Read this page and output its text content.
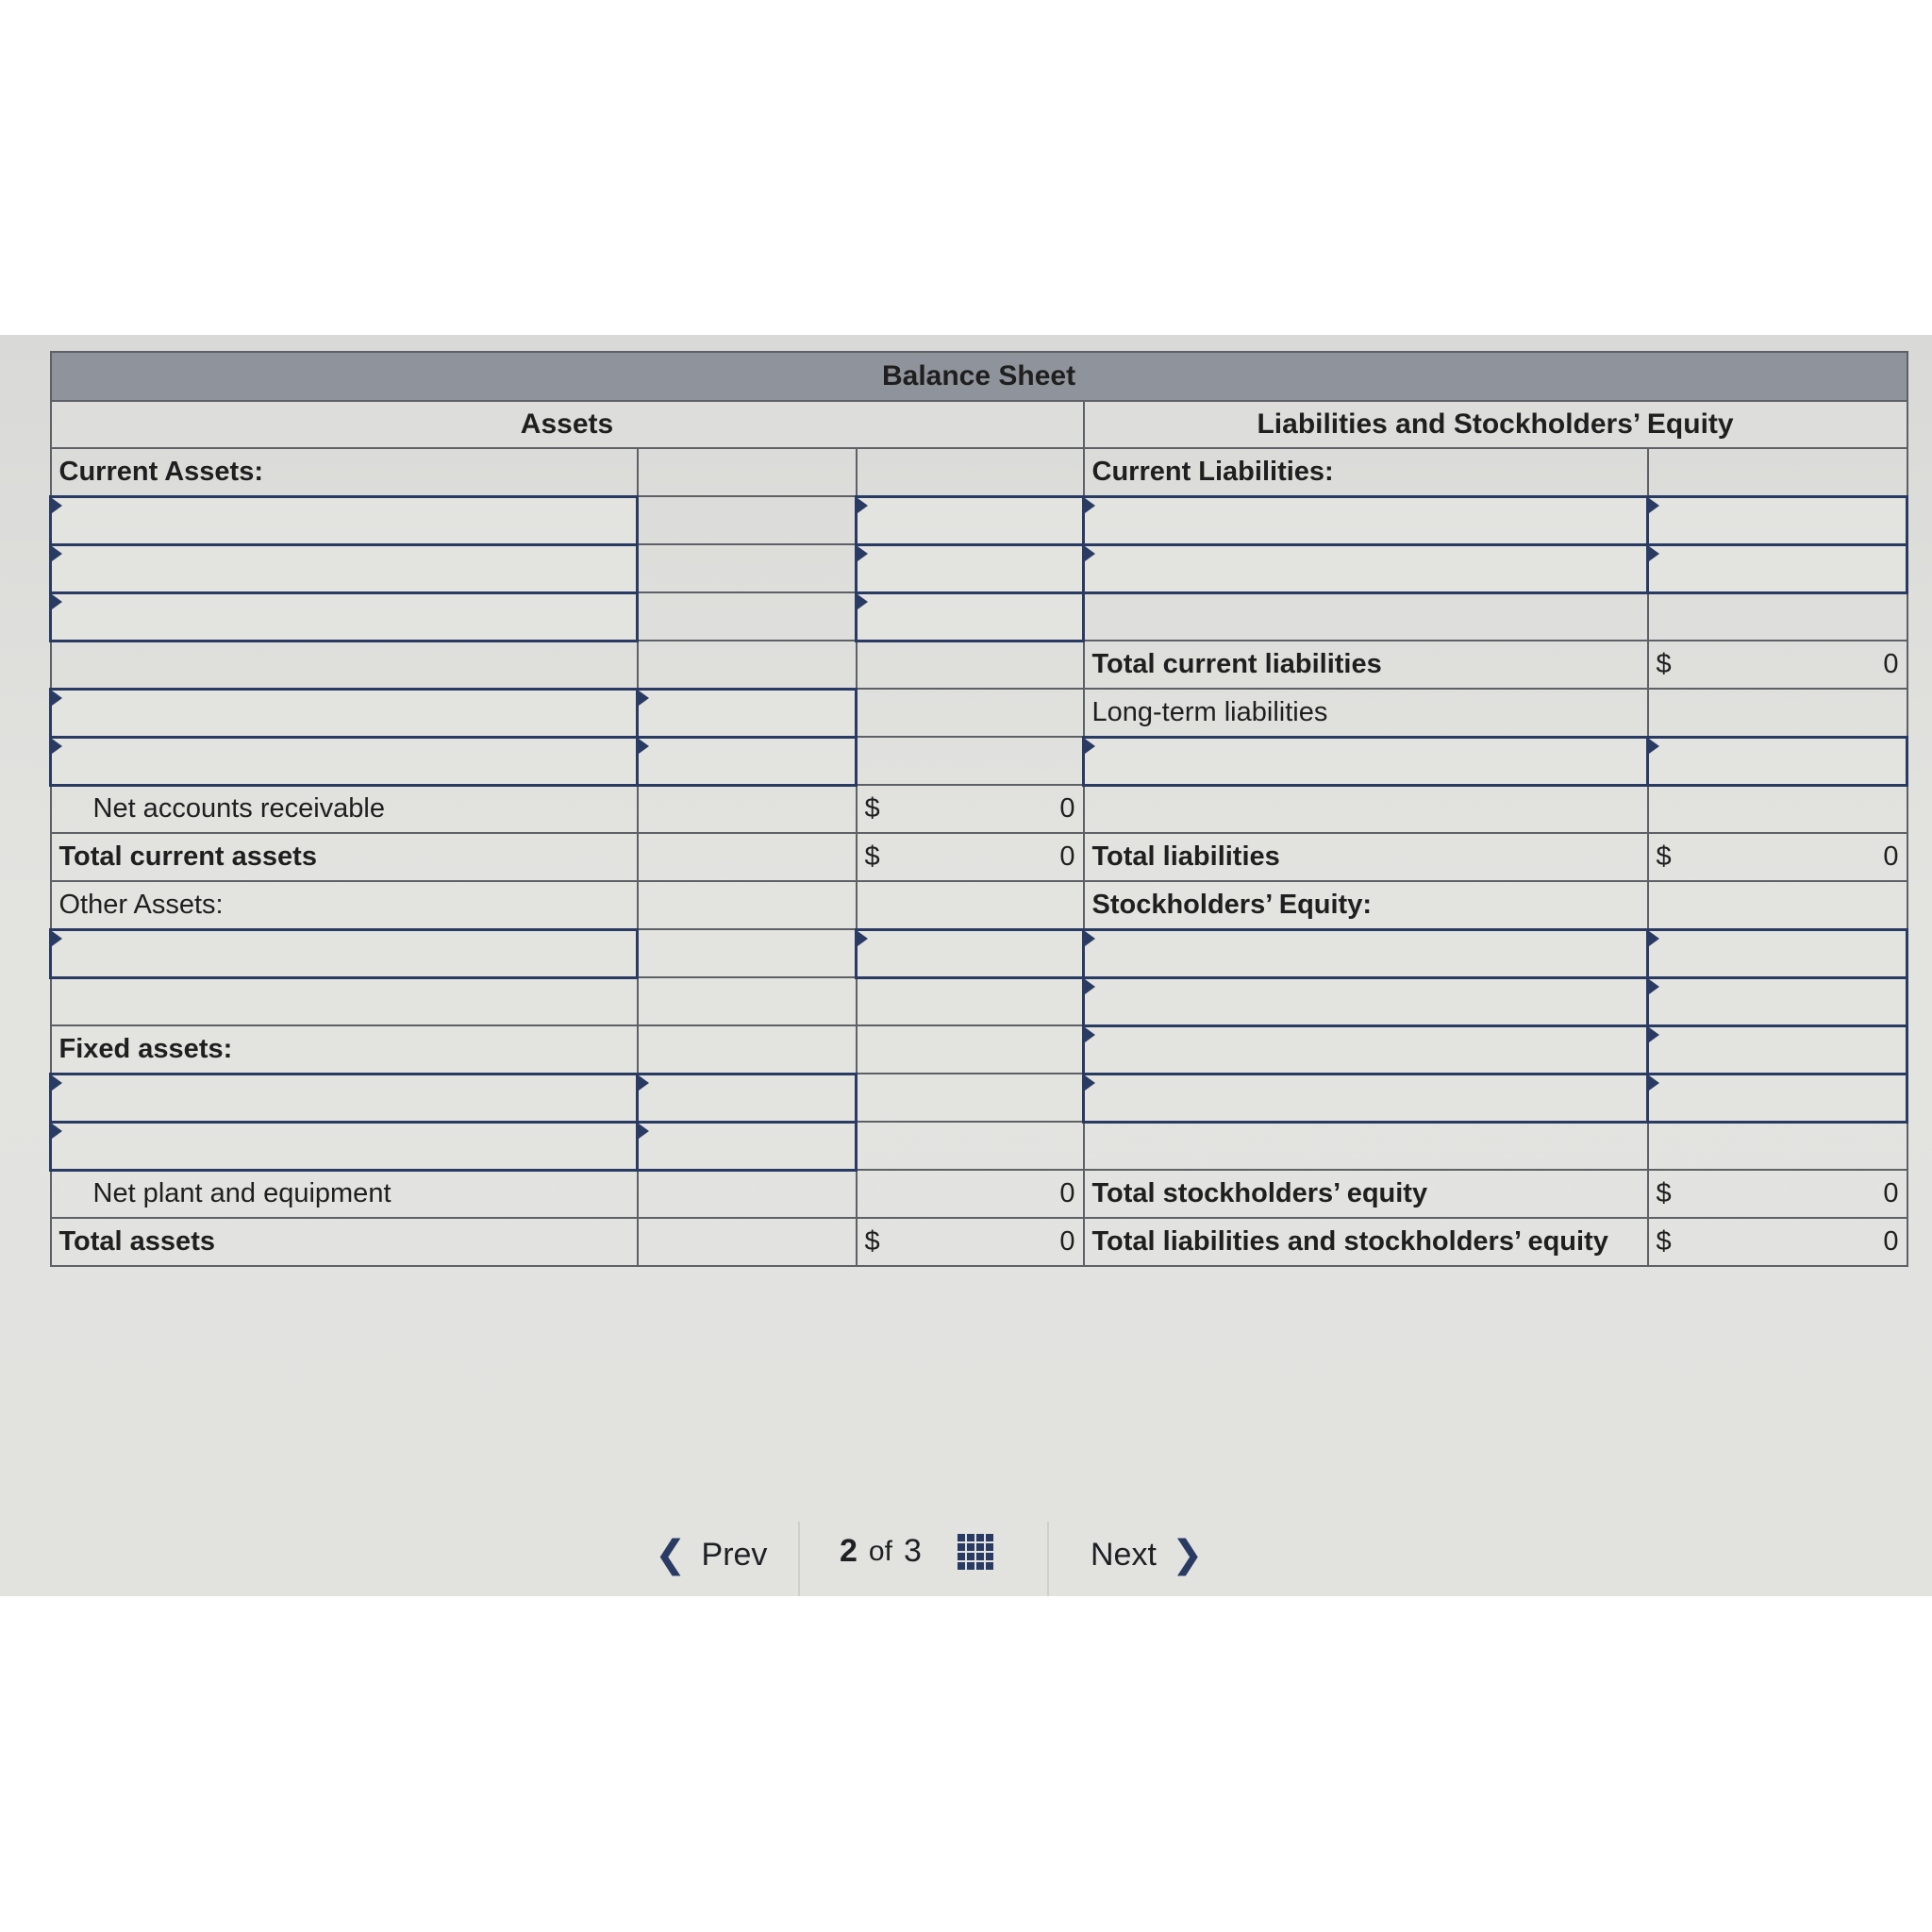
Balance Sheet				
Assets			Liabilities and Stockholders’ Equity	
Current Assets:			Current Liabilities:	

			Total current liabilities	$ 0

			Long-term liabilities	

Net accounts receivable		$ 0		

Total current assets		$ 0	Total liabilities	$ 0

Other Assets:			Stockholders’ Equity:	

Fixed assets:				

Net plant and equipment		0	Total stockholders’ equity	$ 0

Total assets		$ 0	Total liabilities and stockholders’ equity	$ 0
❮ Prev 2 of 3	Next ❯
